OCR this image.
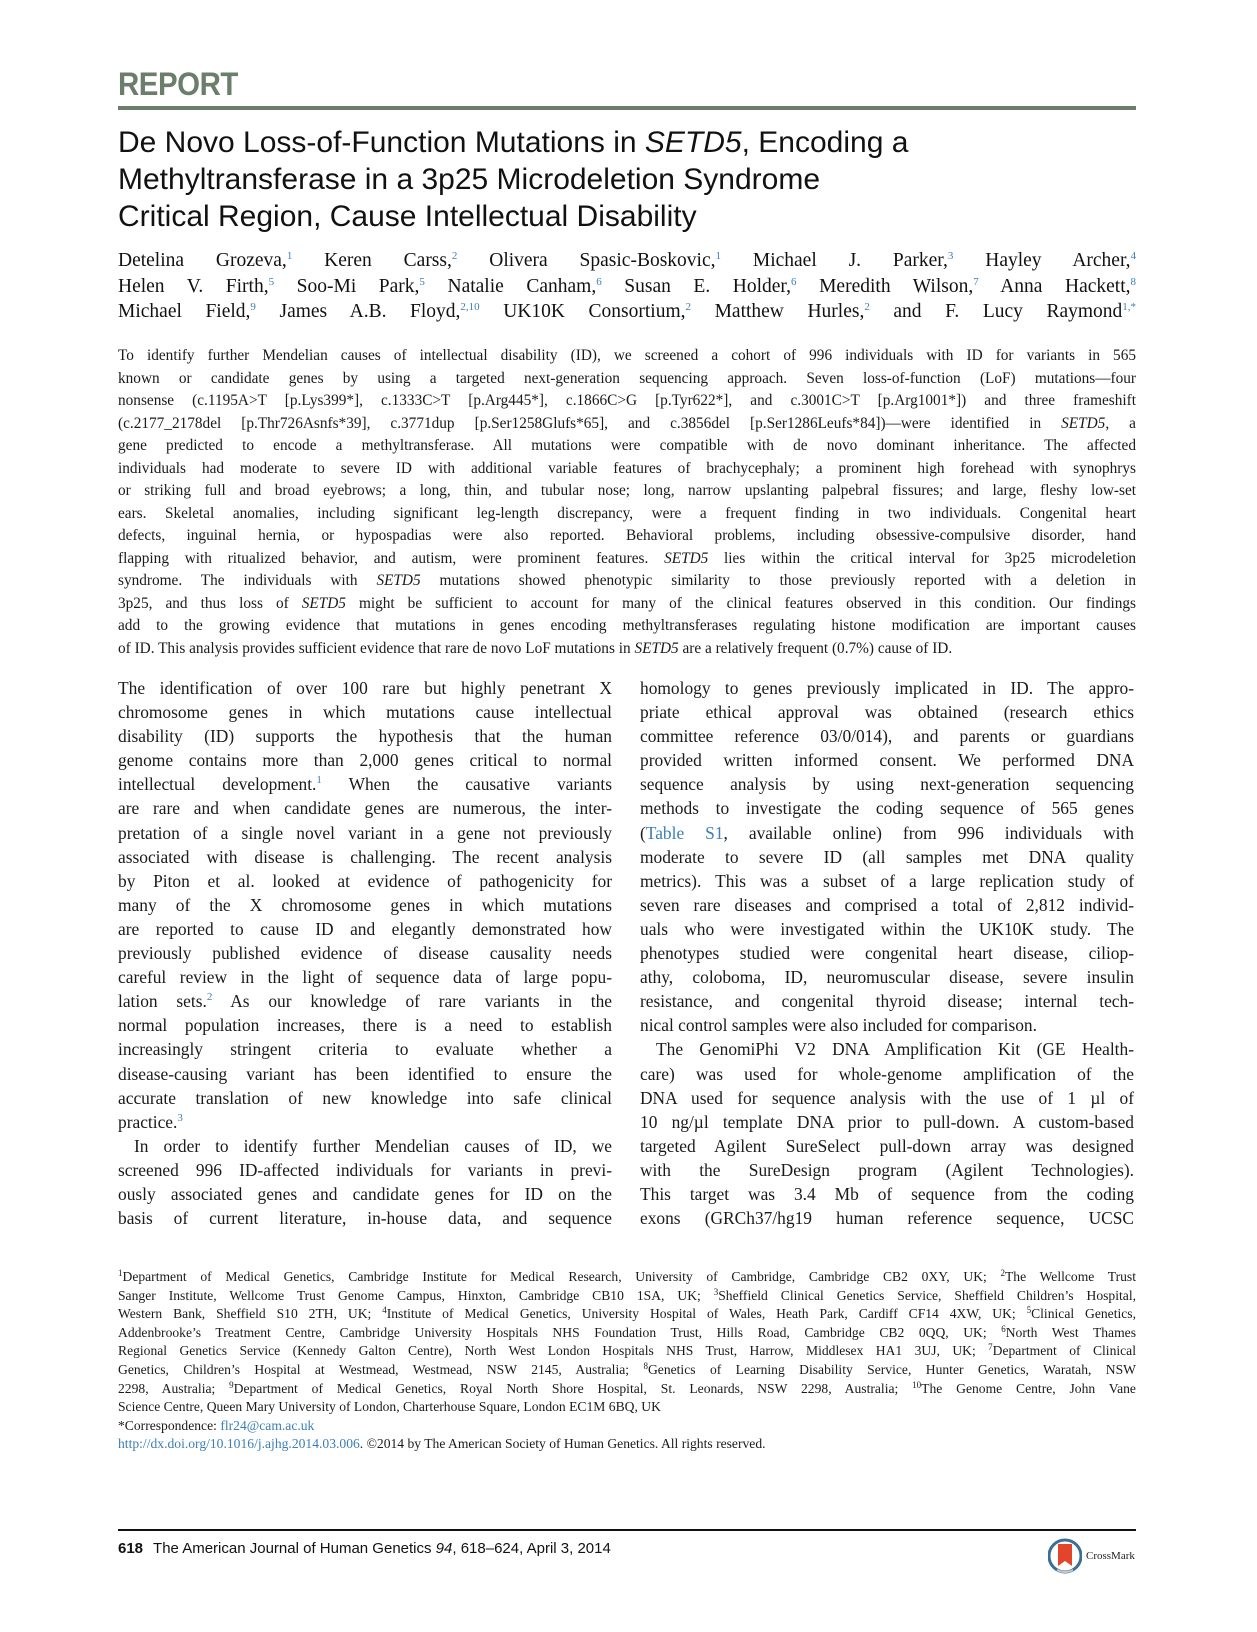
REPORT
De Novo Loss-of-Function Mutations in SETD5, Encoding a
Methyltransferase in a 3p25 Microdeletion Syndrome
Critical Region, Cause Intellectual Disability
Detelina Grozeva,$^1$ Keren Carss,$^2$ Olivera Spasic-Boskovic,$^1$ Michael J. Parker,$^3$ Hayley Archer,$^4$
Helen V. Firth,$^5$ Soo-Mi Park,$^5$ Natalie Canham,$^6$ Susan E. Holder,$^6$ Meredith Wilson,$^7$ Anna Hackett,$^8$
Michael Field,$^9$ James A.B. Floyd,$^{2,10}$ UK10K Consortium,$^2$ Matthew Hurles,$^2$ and F. Lucy Raymond$^{1,*}$
To identify further Mendelian causes of intellectual disability (ID), we screened a cohort of 996 individuals with ID for variants in 565
known or candidate genes by using a targeted next-generation sequencing approach. Seven loss-of-function (LoF) mutations—four
nonsense (c.1195A>T [p.Lys399*], c.1333C>T [p.Arg445*], c.1866C>G [p.Tyr622*], and c.3001C>T [p.Arg1001*]) and three frameshift
(c.2177_2178del [p.Thr726Asnfs*39], c.3771dup [p.Ser1258Glufs*65], and c.3856del [p.Ser1286Leufs*84])—were identified in SETD5, a
gene predicted to encode a methyltransferase. All mutations were compatible with de novo dominant inheritance. The affected
individuals had moderate to severe ID with additional variable features of brachycephaly; a prominent high forehead with synophrys
or striking full and broad eyebrows; a long, thin, and tubular nose; long, narrow upslanting palpebral fissures; and large, fleshy low-set
ears. Skeletal anomalies, including significant leg-length discrepancy, were a frequent finding in two individuals. Congenital heart
defects, inguinal hernia, or hypospadias were also reported. Behavioral problems, including obsessive-compulsive disorder, hand
flapping with ritualized behavior, and autism, were prominent features. SETD5 lies within the critical interval for 3p25 microdeletion
syndrome. The individuals with SETD5 mutations showed phenotypic similarity to those previously reported with a deletion in
3p25, and thus loss of SETD5 might be sufficient to account for many of the clinical features observed in this condition. Our findings
add to the growing evidence that mutations in genes encoding methyltransferases regulating histone modification are important causes
of ID. This analysis provides sufficient evidence that rare de novo LoF mutations in SETD5 are a relatively frequent (0.7%) cause of ID.
The identification of over 100 rare but highly penetrant X
chromosome genes in which mutations cause intellectual
disability (ID) supports the hypothesis that the human
genome contains more than 2,000 genes critical to normal
intellectual development.$^1$ When the causative variants
are rare and when candidate genes are numerous, the inter-
pretation of a single novel variant in a gene not previously
associated with disease is challenging. The recent analysis
by Piton et al. looked at evidence of pathogenicity for
many of the X chromosome genes in which mutations
are reported to cause ID and elegantly demonstrated how
previously published evidence of disease causality needs
careful review in the light of sequence data of large popu-
lation sets.$^2$ As our knowledge of rare variants in the
normal population increases, there is a need to establish
increasingly stringent criteria to evaluate whether a
disease-causing variant has been identified to ensure the
accurate translation of new knowledge into safe clinical
practice.$^3$
In order to identify further Mendelian causes of ID, we
screened 996 ID-affected individuals for variants in previ-
ously associated genes and candidate genes for ID on the
basis of current literature, in-house data, and sequence
homology to genes previously implicated in ID. The appro-
priate ethical approval was obtained (research ethics
committee reference 03/0/014), and parents or guardians
provided written informed consent. We performed DNA
sequence analysis by using next-generation sequencing
methods to investigate the coding sequence of 565 genes
(Table S1, available online) from 996 individuals with
moderate to severe ID (all samples met DNA quality
metrics). This was a subset of a large replication study of
seven rare diseases and comprised a total of 2,812 individ-
uals who were investigated within the UK10K study. The
phenotypes studied were congenital heart disease, ciliop-
athy, coloboma, ID, neuromuscular disease, severe insulin
resistance, and congenital thyroid disease; internal tech-
nical control samples were also included for comparison.
The GenomiPhi V2 DNA Amplification Kit (GE Health-
care) was used for whole-genome amplification of the
DNA used for sequence analysis with the use of 1 µl of
10 ng/µl template DNA prior to pull-down. A custom-based
targeted Agilent SureSelect pull-down array was designed
with the SureDesign program (Agilent Technologies).
This target was 3.4 Mb of sequence from the coding
exons (GRCh37/hg19 human reference sequence, UCSC
$^1$Department of Medical Genetics, Cambridge Institute for Medical Research, University of Cambridge, Cambridge CB2 0XY, UK; $^2$The Wellcome Trust
Sanger Institute, Wellcome Trust Genome Campus, Hinxton, Cambridge CB10 1SA, UK; $^3$Sheffield Clinical Genetics Service, Sheffield Children’s Hospital,
Western Bank, Sheffield S10 2TH, UK; $^4$Institute of Medical Genetics, University Hospital of Wales, Heath Park, Cardiff CF14 4XW, UK; $^5$Clinical Genetics,
Addenbrooke’s Treatment Centre, Cambridge University Hospitals NHS Foundation Trust, Hills Road, Cambridge CB2 0QQ, UK; $^6$North West Thames
Regional Genetics Service (Kennedy Galton Centre), North West London Hospitals NHS Trust, Harrow, Middlesex HA1 3UJ, UK; $^7$Department of Clinical
Genetics, Children’s Hospital at Westmead, Westmead, NSW 2145, Australia; $^8$Genetics of Learning Disability Service, Hunter Genetics, Waratah, NSW
2298, Australia; $^9$Department of Medical Genetics, Royal North Shore Hospital, St. Leonards, NSW 2298, Australia; $^{10}$The Genome Centre, John Vane
Science Centre, Queen Mary University of London, Charterhouse Square, London EC1M 6BQ, UK
*Correspondence: flr24@cam.ac.uk
http://dx.doi.org/10.1016/j.ajhg.2014.03.006. ©2014 by The American Society of Human Genetics. All rights reserved.
618 The American Journal of Human Genetics 94, 618–624, April 3, 2014	CrossMark
